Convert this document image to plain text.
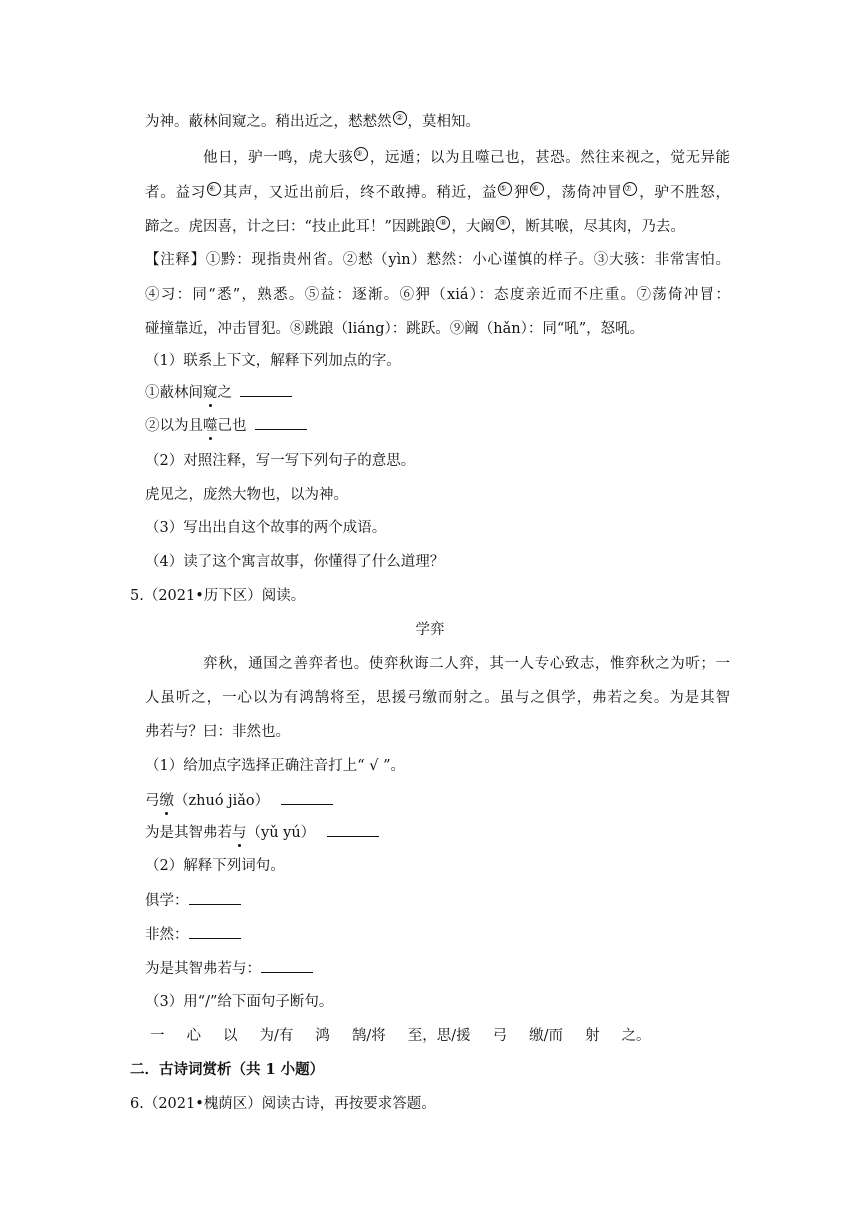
为神。蔽林间窥之。稍出近之，慭慭然 ② ，莫相知。
他日，驴一鸣，虎大骇 ③ ，远遁；以为且噬己也，甚恐。然往来视之，觉无异能
者。益习 ④ 其声，又近出前后，终不敢搏。稍近，益 ⑤ 狎 ⑥ ，荡倚冲冒 ⑦ ，驴不胜怒，
蹄之。虎因喜，计之曰：“技止此耳！”因跳踉 ⑧ ，大阚 ⑨ ，断其喉，尽其肉，乃去。
【注释】①黔：现指贵州省。②慭（yìn）慭然：小心谨慎的样子。③大骇：非常害怕。
④习：同“悉”，熟悉。⑤益：逐渐。⑥狎（xiá）：态度亲近而不庄重。⑦荡倚冲冒：
碰撞靠近，冲击冒犯。⑧跳踉（liáng）：跳跃。⑨阚（hǎn）：同“吼”，怒吼。
（1）联系上下文，解释下列加点的字。
①蔽林间窥之
②以为且噬己也
（2）对照注释，写一写下列句子的意思。
虎见之，庞然大物也，以为神。
（3）写出出自这个故事的两个成语。
（4）读了这个寓言故事，你懂得了什么道理？
5.（2021•历下区）阅读。
学弈
弈秋，通国之善弈者也。使弈秋诲二人弈，其一人专心致志，惟弈秋之为听；一
人虽听之，一心以为有鸿鹄将至，思援弓缴而射之。虽与之俱学，弗若之矣。为是其智
弗若与？曰：非然也。
（1）给加点字选择正确注音打上“ √ ”。
弓缴（zhuó jiǎo）
为是其智弗若与（yǔ yú）
（2）解释下列词句。
俱学：
非然：
为是其智弗若与：
（3）用“/”给下面句子断句。
一 心 以 为/有 鸿 鹄/将 至，思/援 弓 缴/而 射 之。
二．古诗词赏析（共 1 小题）
6.（2021•槐荫区）阅读古诗，再按要求答题。
